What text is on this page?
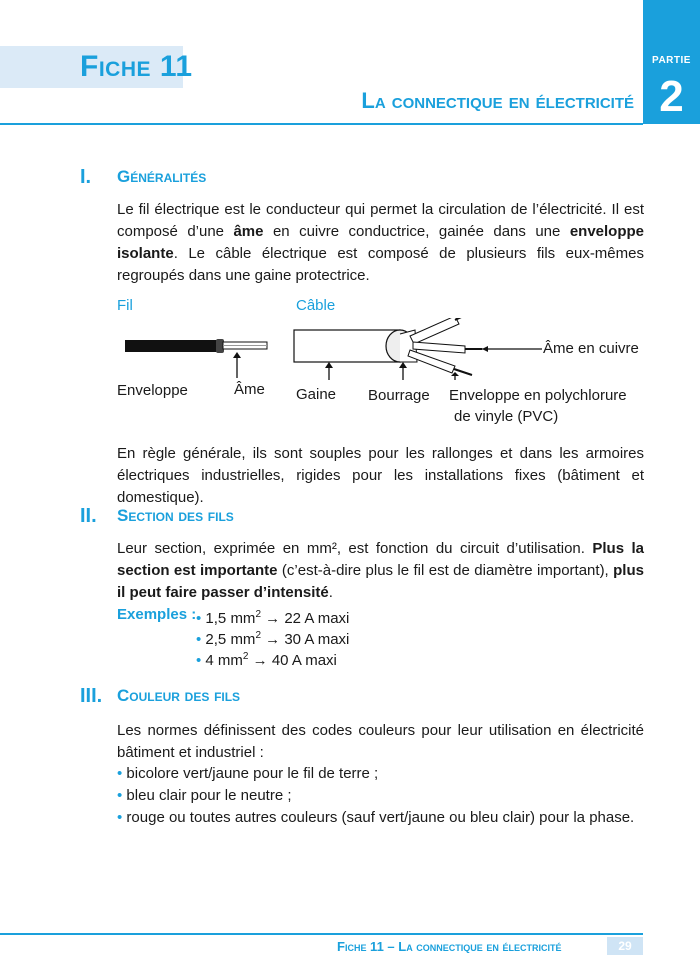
Fiche 11	PARTIE
2
La connectique en électricité
I. Généralités
Le fil électrique est le conducteur qui permet la circulation de l’électricité. Il est composé d’une âme en cuivre conductrice, gainée dans une enveloppe isolante. Le câble électrique est composé de plusieurs fils eux-mêmes regroupés dans une gaine protectrice.
Fil	Câble
Enveloppe	Âme Gaine Bourrage Enveloppe en polychlorure
de vinyle (PVC)
Âme en cuivre
En règle générale, ils sont souples pour les rallonges et dans les armoires électriques industrielles, rigides pour les installations fixes (bâtiment et domestique).
II. Section des fils
Leur section, exprimée en mm², est fonction du circuit d’utilisation. Plus la section est importante (c’est-à-dire plus le fil est de diamètre important), plus il peut faire passer d’intensité.
Exemples : • 1,5 $mm^2 \to 22$ A maxi
• 2,5 $mm^2 \to 30$ A maxi
• 4 $mm^2 \to 40$ A maxi
III. Couleur des fils
Les normes définissent des codes couleurs pour leur utilisation en électricité bâtiment et industriel :
• bicolore vert/jaune pour le fil de terre ;
• bleu clair pour le neutre ;
• rouge ou toutes autres couleurs (sauf vert/jaune ou bleu clair) pour la phase.
Fiche 11 – La connectique en électricité	29
